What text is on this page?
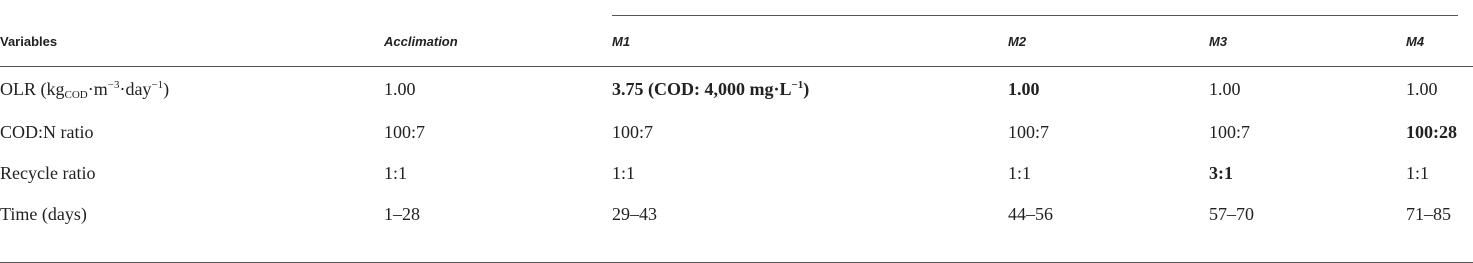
Variables	Acclimation	M1	M2	M3	M4
OLR $(kg_{COD}\cdot m^{-3}\cdot day^{-1})$	1.00	3.75 (COD: 4,000 $mg\cdot L^{-1}$)	1.00	1.00	1.00
COD:N ratio	100:7	100:7	100:7	100:7	100:28
Recycle ratio	1:1	1:1	1:1	3:1	1:1
Time (days)	1–28	29–43	44–56	57–70	71–85
